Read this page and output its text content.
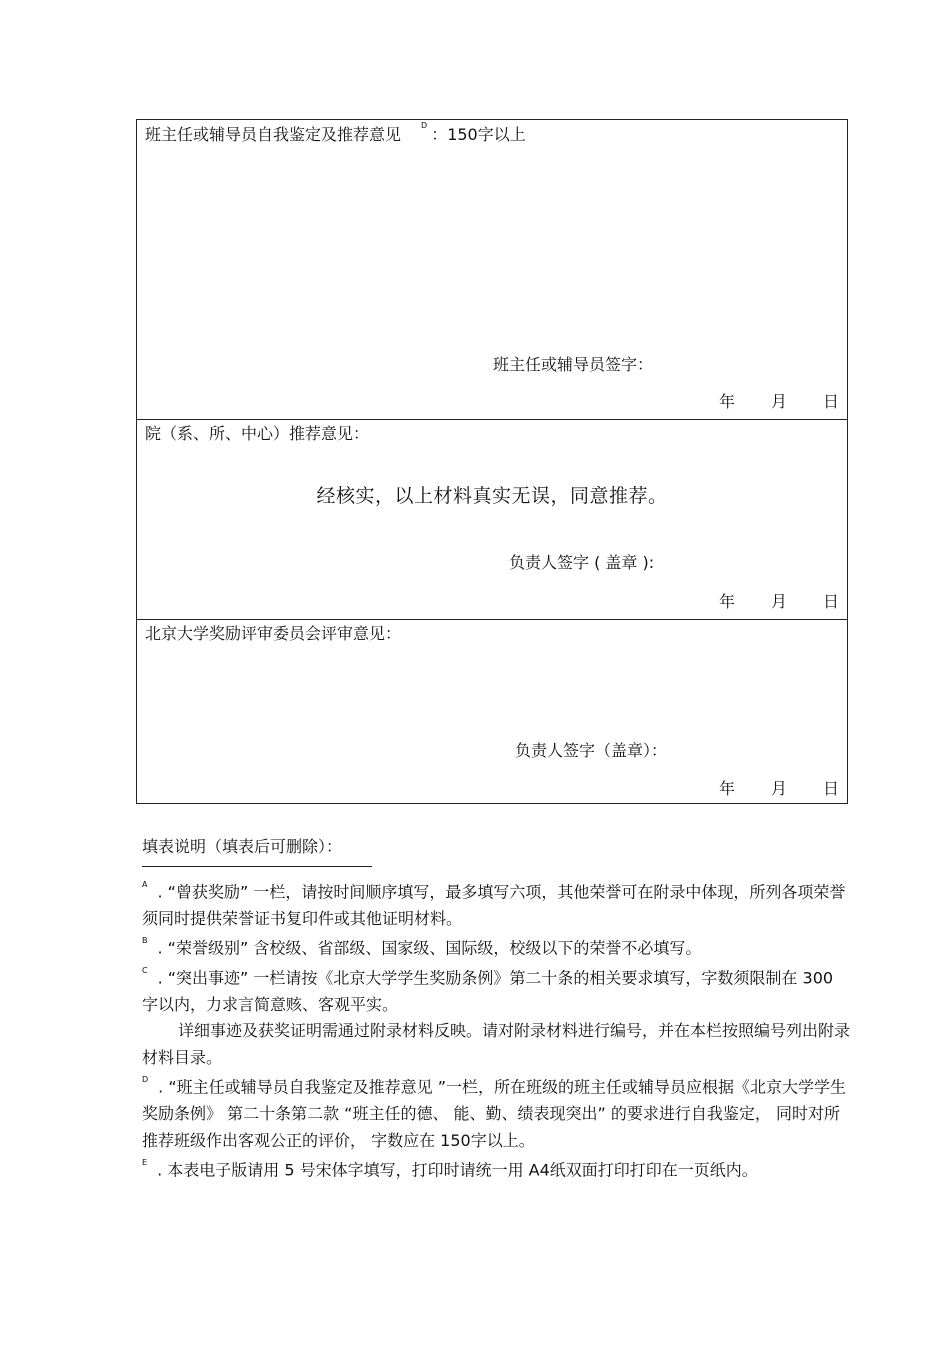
班主任或辅导员自我鉴定及推荐意见	$^D$ ：150字以上
班主任或辅导员签字：
年 月 日
院（系、所、中心）推荐意见：
经核实，以上材料真实无误，同意推荐。
负责人签字 ( 盖章 ):
年 月 日
北京大学奖励评审委员会评审意见：
负责人签字（盖章）：
年 月 日
填表说明（填表后可删除）：

$^A$ . “曾获奖励” 一栏，请按时间顺序填写，最多填写六项，其他荣誉可在附录中体现，所列各项荣誉须同时提供荣誉证书复印件或其他证明材料。

$^B$ . “荣誉级别” 含校级、省部级、国家级、国际级，校级以下的荣誉不必填写。

$^C$ . “突出事迹” 一栏请按《北京大学学生奖励条例》第二十条的相关要求填写，字数须限制在 300 字以内，力求言简意赅、客观平实。

详细事迹及获奖证明需通过附录材料反映。请对附录材料进行编号，并在本栏按照编号列出附录材料目录。

$^D$ . “班主任或辅导员自我鉴定及推荐意见 ”一栏，所在班级的班主任或辅导员应根据《北京大学学生奖励条例》 第二十条第二款 “班主任的德、 能、勤、绩表现突出” 的要求进行自我鉴定， 同时对所推荐班级作出客观公正的评价， 字数应在 150字以上。

$^E$ . 本表电子版请用 5 号宋体字填写，打印时请统一用 A4纸双面打印打印在一页纸内。
